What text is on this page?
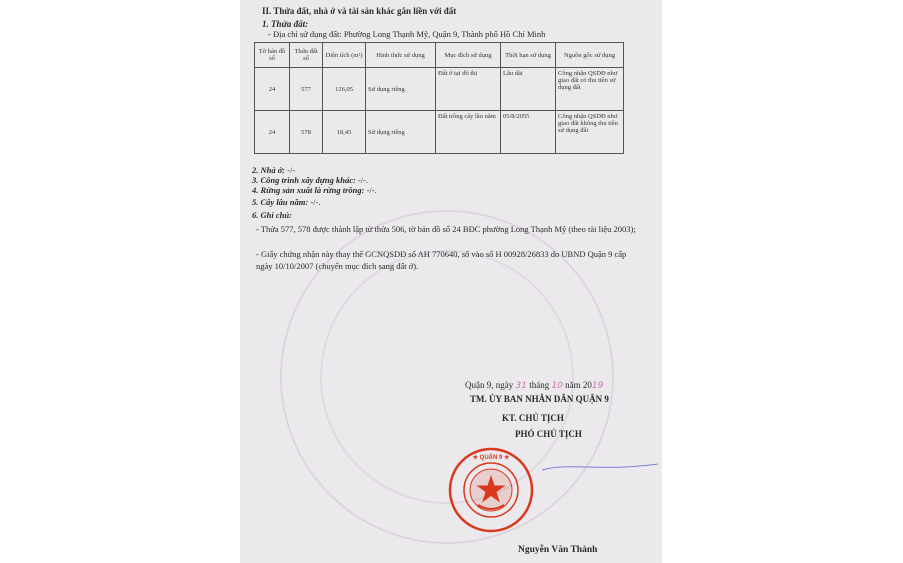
II. Thửa đất, nhà ở và tài sản khác gắn liền với đất
1. Thửa đất:
- Địa chỉ sử dụng đất: Phường Long Thạnh Mỹ, Quận 9, Thành phố Hồ Chí Minh
Tờ bản đồ số	Thửa đất số	Diện tích (m²)	Hình thức sử dụng	Mục đích sử dụng	Thời hạn sử dụng	Nguồn gốc sử dụng
24	577	126,05	Sử dụng riêng	Đất ở tại đô thị	Lâu dài	Công nhận QSDĐ như giao đất có thu tiền sử dụng đất
24	578	18,45	Sử dụng riêng	Đất trồng cây lâu năm	05/8/2055	Công nhận QSDĐ như giao đất không thu tiền sử dụng đất
2. Nhà ở: -/-
3. Công trình xây dựng khác: -/-.
4. Rừng sản xuất là rừng trồng: -/-.
5. Cây lâu năm: -/-.
6. Ghi chú:
- Thửa 577, 578 được thành lập từ thửa 506, tờ bản đồ số 24 BĐC phường Long Thạnh Mỹ (theo tài liệu 2003);
- Giấy chứng nhận này thay thế GCNQSDĐ số AH 770640, số vào số H 00928/26833 do UBND Quận 9 cấp ngày 10/10/2007 (chuyển mục đích sang đất ở).
Quận 9, ngày 31 tháng 10 năm 2019
TM. ỦY BAN NHÂN DÂN QUẬN 9
KT. CHỦ TỊCH
PHÓ CHỦ TỊCH
★ QUẬN 9 ★
Nguyễn Văn Thành
